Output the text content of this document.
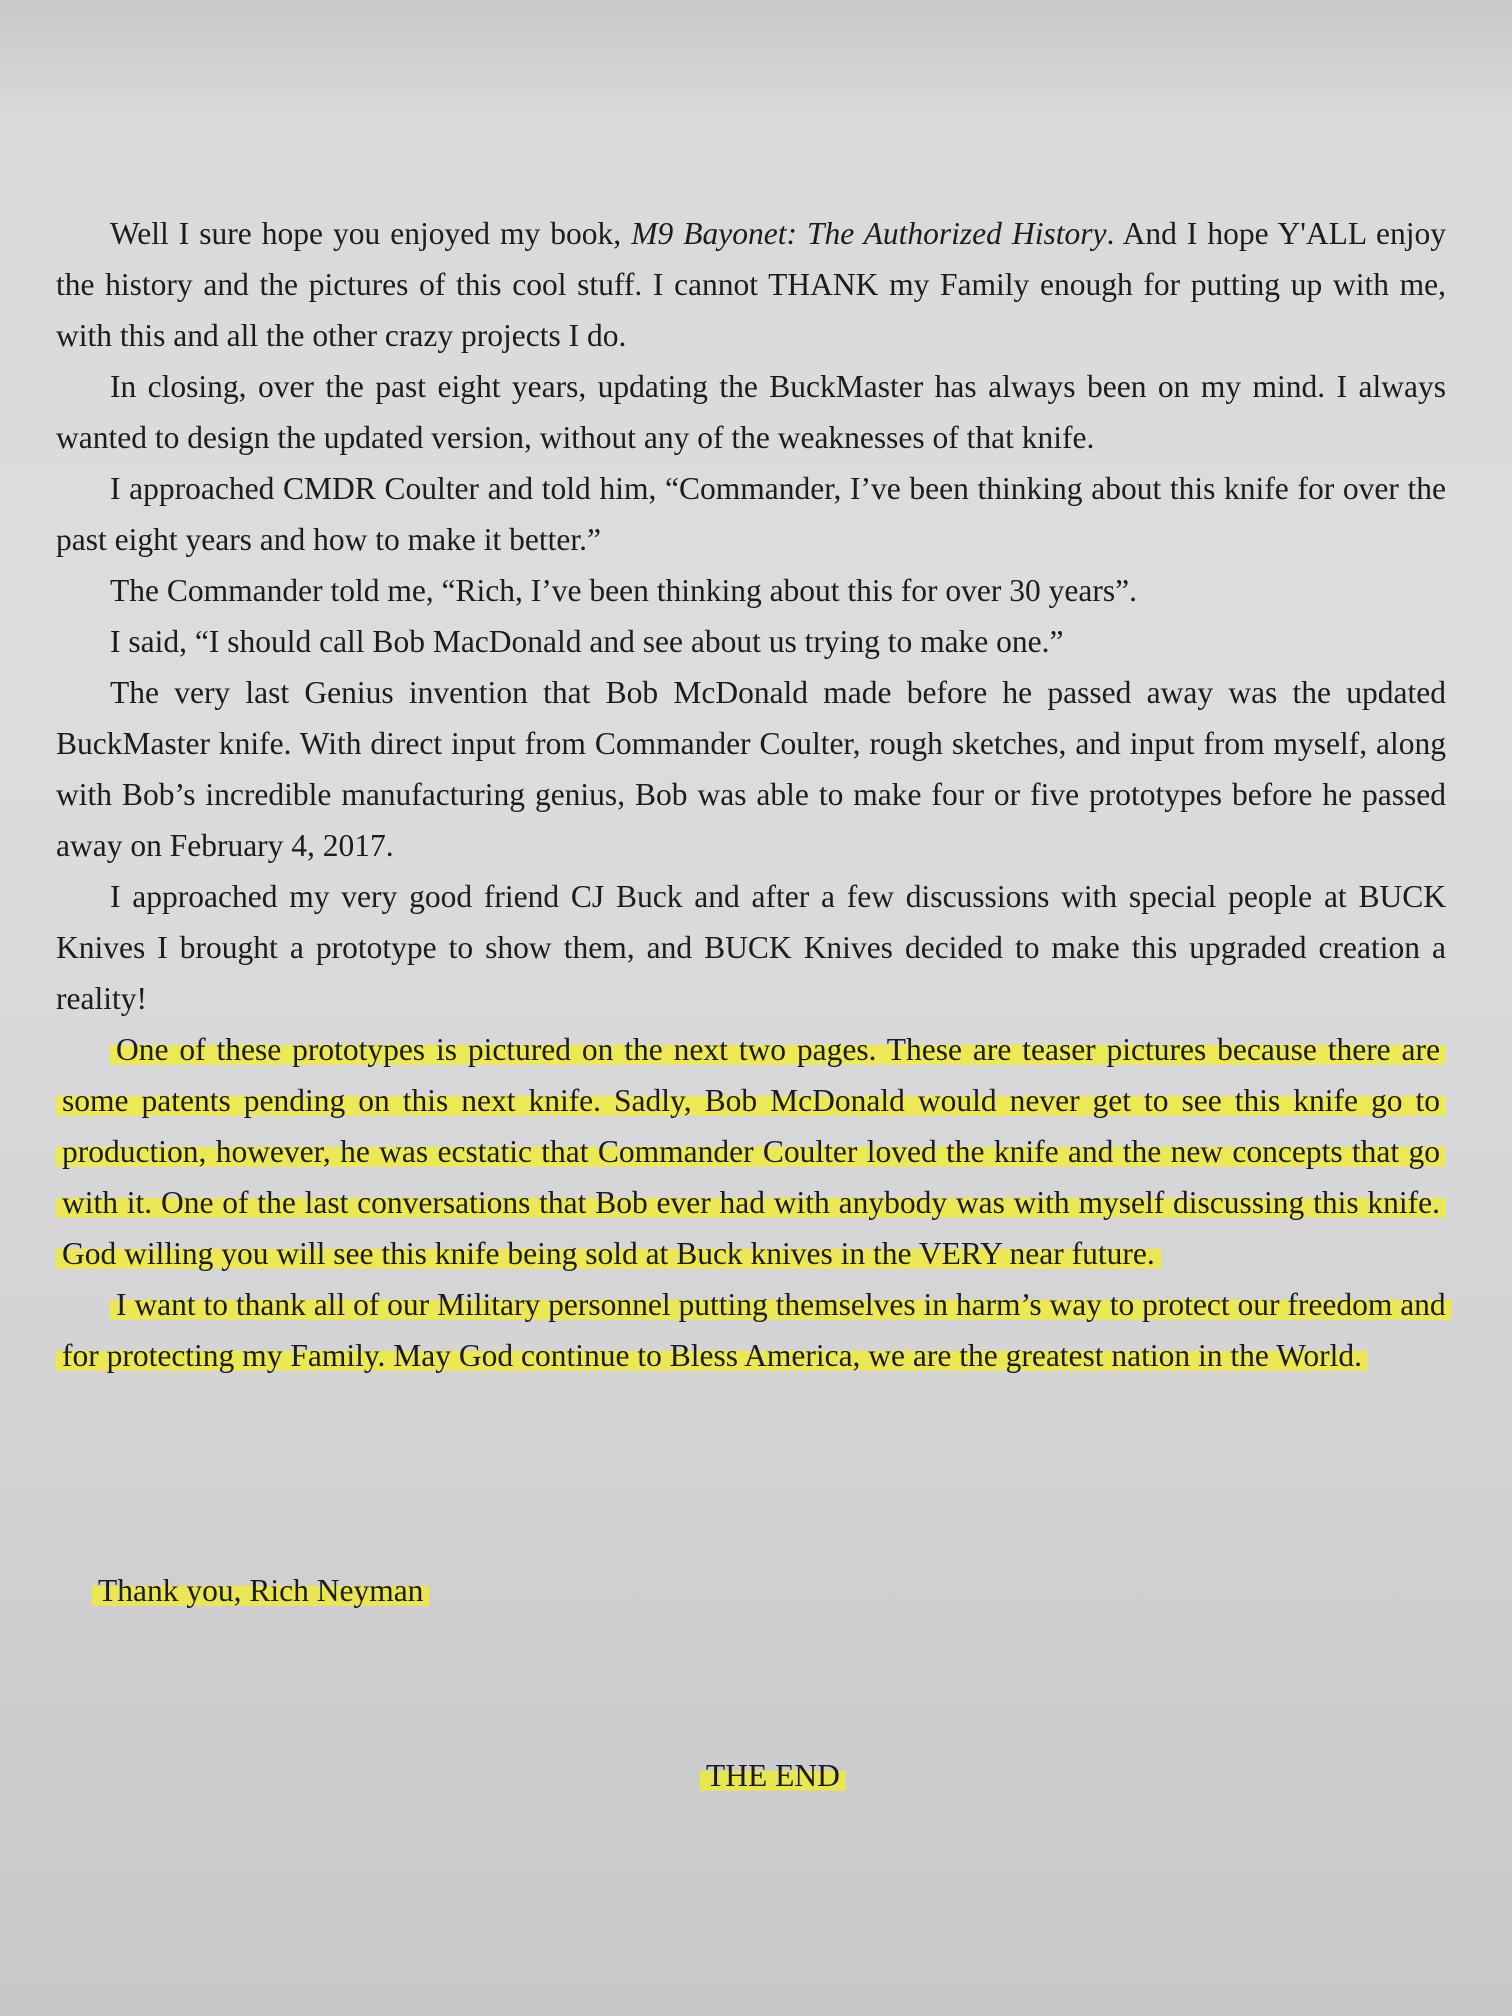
Well I sure hope you enjoyed my book, M9 Bayonet: The Authorized History. And I hope Y'ALL enjoy the history and the pictures of this cool stuff. I cannot THANK my Family enough for putting up with me, with this and all the other crazy projects I do.

In closing, over the past eight years, updating the BuckMaster has always been on my mind. I always wanted to design the updated version, without any of the weaknesses of that knife.

I approached CMDR Coulter and told him, “Commander, I’ve been thinking about this knife for over the past eight years and how to make it better.”

The Commander told me, “Rich, I’ve been thinking about this for over 30 years”.

I said, “I should call Bob MacDonald and see about us trying to make one.”

The very last Genius invention that Bob McDonald made before he passed away was the updated BuckMaster knife. With direct input from Commander Coulter, rough sketches, and input from myself, along with Bob’s incredible manufacturing genius, Bob was able to make four or five prototypes before he passed away on February 4, 2017.

I approached my very good friend CJ Buck and after a few discussions with special people at BUCK Knives I brought a prototype to show them, and BUCK Knives decided to make this upgraded creation a reality!

One of these prototypes is pictured on the next two pages. These are teaser pictures because there are some patents pending on this next knife. Sadly, Bob McDonald would never get to see this knife go to production, however, he was ecstatic that Commander Coulter loved the knife and the new concepts that go with it. One of the last conversations that Bob ever had with anybody was with myself discussing this knife. God willing you will see this knife being sold at Buck knives in the VERY near future.

I want to thank all of our Military personnel putting themselves in harm’s way to protect our freedom and for protecting my Family. May God continue to Bless America, we are the greatest nation in the World.

Thank you, Rich Neyman
THE END
